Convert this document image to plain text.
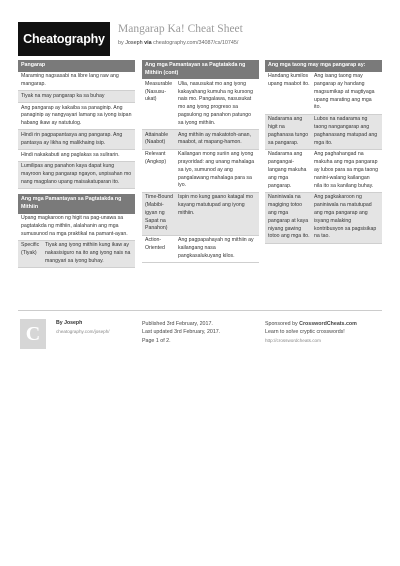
Cheatography
Mangarap Ka! Cheat Sheet
by Joseph via cheatography.com/34087/cs/10745/
Pangarap
Maraming nagsasabi na libre lang raw ang mangarap.
Tiyak na may pangarap ka sa buhay
Ang pangarap ay kakaiba sa panaginip. Ang panaginip ay nangyayari lamang sa iyong isipan habang ikaw ay natutulog.
Hindi rin pagpapantasya ang pangarap. Ang pantasya ay likha ng malikhaing isip.
Hindi nakakabuti ang paglakas sa sulirarin.
Lumilipas ang panahon kaya dapat kung mayroon kang pangarap ngayon, unpisahan mo nang magplano upang maisakatuparan ito.
Ang mga Pamantayan sa Pagtatakda ng Mithiin
Upang magkaroon ng higit na pag-unawa sa pagtatakda ng mithiin, alalahanin ang mga sumusunod na mga praktikal na pamant-ayan.
Specific (Tiyak)
Tiyak ang iyong mithiin kung ikaw ay nakasisiguro na ito ang iyong nais na mangyari sa iyong buhay.
Ang mga Pamantayan sa Pagtatakda ng Mithiin (cont)
Measurable (Nasusu-ukat)
Ulia, nasusukat mo ang iyong kakayahang kumuha ng kursong nais mo. Pangalawa, nasusukat mo ang iyong progreso sa pagsulong ng panahon patungo sa iyong mithiin.
Attainable (Naabot)
Ang mithiin ay makatotoh-anan, maabot, at mapang-hamon.
Relevant (Angkop)
Kailangan mong suriin ang iyong prayoridad: ang unang mahalaga sa iyo, sumunod ay ang pangalawang mahalaga para sa iyo.
Time-Bound (Mabibi-igyan ng Sapat na Panahon)
Ispin mo kung gaano katagal mo kayang matutupad ang iyong mithiin.
Action-Oriented
Ang pagpapahayah ng mithiin ay kailangang nasa pangkasalukuyang kilos.
Ang mga taong may mga pangarap ay:
Handang kumilos upang maabot ito.
Ang isang taong may pangarap ay handang magsumikap at magtiyaga upang marating ang mga ito.
Nadarama ang higit na paghanasa tungo sa pangarap.
Lubos na nadarama ng taong nangangarap ang paghanasang matupad ang mga ito.
Nadarama ang pangangai-langang makuha ang mga pangarap.
Ang paghahangad na makuha ang mga pangarap ay lubos para sa mga taong nanini-walang kailangan nila ito sa kanilang buhay.
Naniniwala na magiging totoo ang mga pangarap at kaya niyang gawing totoo ang mga ito.
Ang pagkakaroon ng paniniwala na matutupad ang mga pangarap ang isyang malaking kontribusyon sa pagsisikap na tao.
C	By Joseph
cheatography.com/joseph/
Published 3rd February, 2017.
Last updated 3rd February, 2017.
Page 1 of 2.
Sponsored by CrosswordCheats.com
Learn to solve cryptic crosswords!
http://crosswordcheats.com
